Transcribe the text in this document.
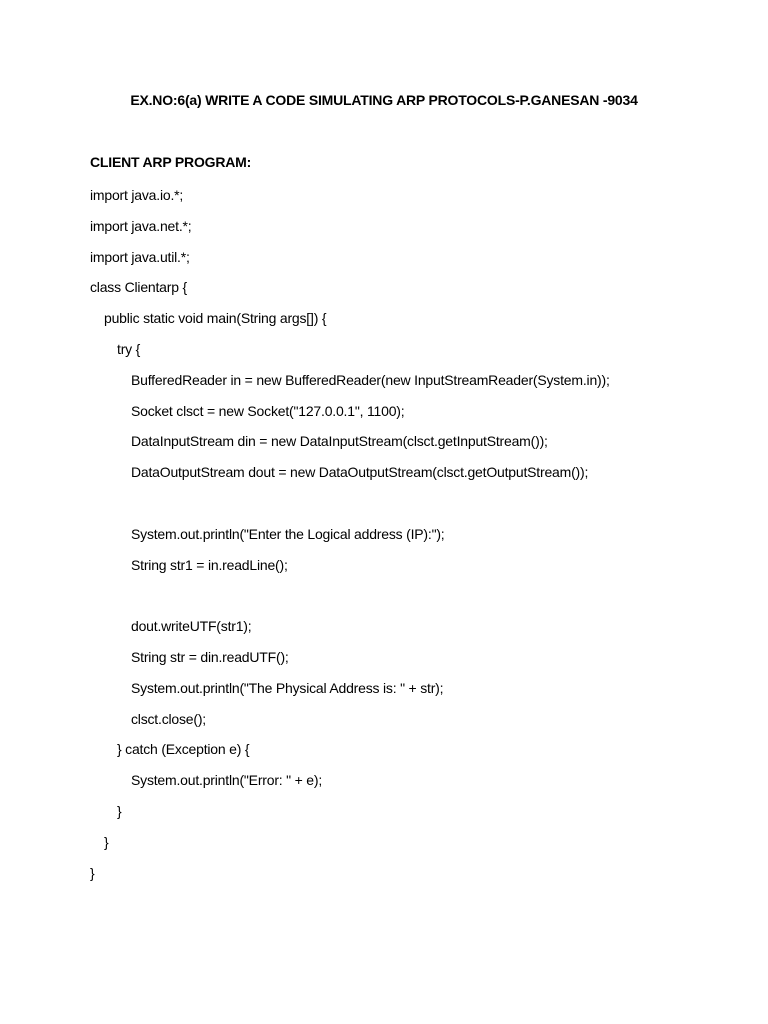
EX.NO:6(a) WRITE A CODE SIMULATING ARP PROTOCOLS-P.GANESAN -9034
CLIENT ARP PROGRAM:
import java.io.*;
import java.net.*;
import java.util.*;
class Clientarp {
public static void main(String args[]) {
try {
BufferedReader in = new BufferedReader(new InputStreamReader(System.in));
Socket clsct = new Socket("127.0.0.1", 1100);
DataInputStream din = new DataInputStream(clsct.getInputStream());
DataOutputStream dout = new DataOutputStream(clsct.getOutputStream());
System.out.println("Enter the Logical address (IP):");
String str1 = in.readLine();
dout.writeUTF(str1);
String str = din.readUTF();
System.out.println("The Physical Address is: " + str);
clsct.close();
} catch (Exception e) {
System.out.println("Error: " + e);
}
}
}
